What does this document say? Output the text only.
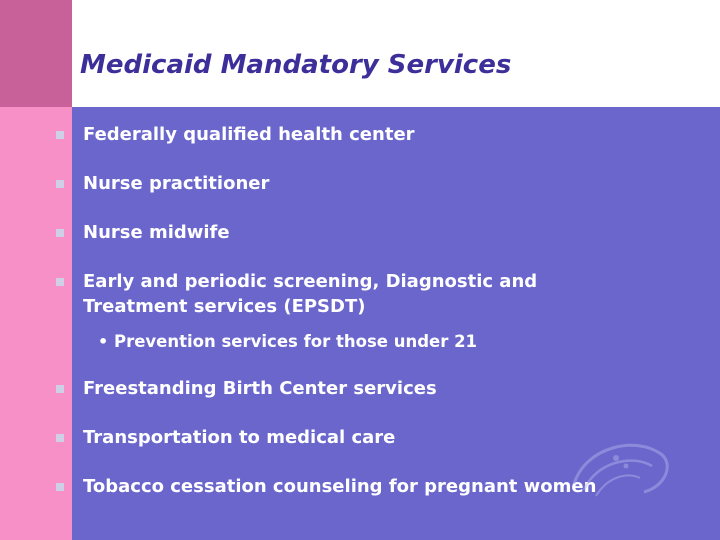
Medicaid Mandatory Services
Federally qualified health center
Nurse practitioner
Nurse midwife
Early and periodic screening, Diagnostic and
Treatment services (EPSDT)
• Prevention services for those under 21
Freestanding Birth Center services
Transportation to medical care
Tobacco cessation counseling for pregnant women
